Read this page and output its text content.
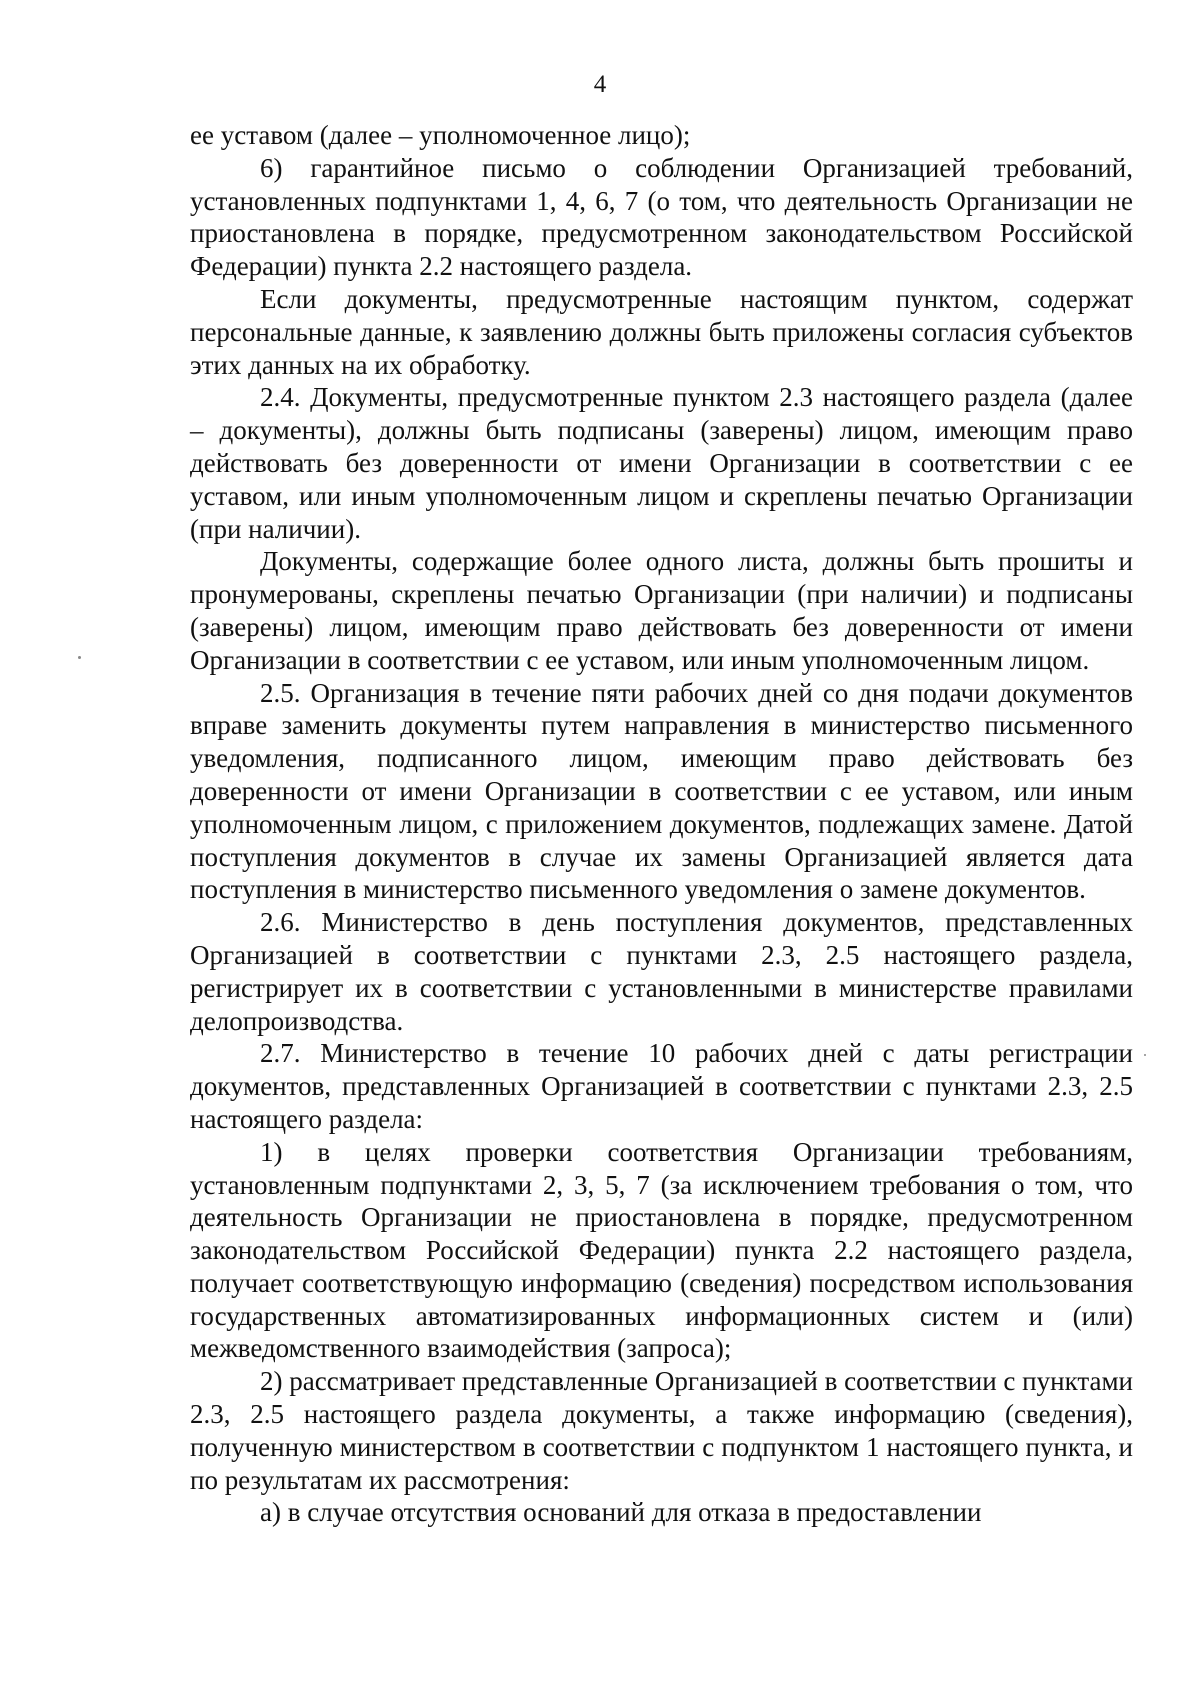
4

ее уставом (далее – уполномоченное лицо);

6) гарантийное письмо о соблюдении Организацией требований, установленных подпунктами 1, 4, 6, 7 (о том, что деятельность Организации не приостановлена в порядке, предусмотренном законодательством Российской Федерации) пункта 2.2 настоящего раздела.

Если документы, предусмотренные настоящим пунктом, содержат персональные данные, к заявлению должны быть приложены согласия субъектов этих данных на их обработку.

2.4. Документы, предусмотренные пунктом 2.3 настоящего раздела (далее – документы), должны быть подписаны (заверены) лицом, имеющим право действовать без доверенности от имени Организации в соответствии с ее уставом, или иным уполномоченным лицом и скреплены печатью Организации (при наличии).

Документы, содержащие более одного листа, должны быть прошиты и пронумерованы, скреплены печатью Организации (при наличии) и подписаны (заверены) лицом, имеющим право действовать без доверенности от имени Организации в соответствии с ее уставом, или иным уполномоченным лицом.

2.5. Организация в течение пяти рабочих дней со дня подачи документов вправе заменить документы путем направления в министерство письменного уведомления, подписанного лицом, имеющим право действовать без доверенности от имени Организации в соответствии с ее уставом, или иным уполномоченным лицом, с приложением документов, подлежащих замене. Датой поступления документов в случае их замены Организацией является дата поступления в министерство письменного уведомления о замене документов.

2.6. Министерство в день поступления документов, представленных Организацией в соответствии с пунктами 2.3, 2.5 настоящего раздела, регистрирует их в соответствии с установленными в министерстве правилами делопроизводства.

2.7. Министерство в течение 10 рабочих дней с даты регистрации документов, представленных Организацией в соответствии с пунктами 2.3, 2.5 настоящего раздела:

1) в целях проверки соответствия Организации требованиям, установленным подпунктами 2, 3, 5, 7 (за исключением требования о том, что деятельность Организации не приостановлена в порядке, предусмотренном законодательством Российской Федерации) пункта 2.2 настоящего раздела, получает соответствующую информацию (сведения) посредством использования государственных автоматизированных информационных систем и (или) межведомственного взаимодействия (запроса);

2) рассматривает представленные Организацией в соответствии с пунктами 2.3, 2.5 настоящего раздела документы, а также информацию (сведения), полученную министерством в соответствии с подпунктом 1 настоящего пункта, и по результатам их рассмотрения:

а) в случае отсутствия оснований для отказа в предоставлении
